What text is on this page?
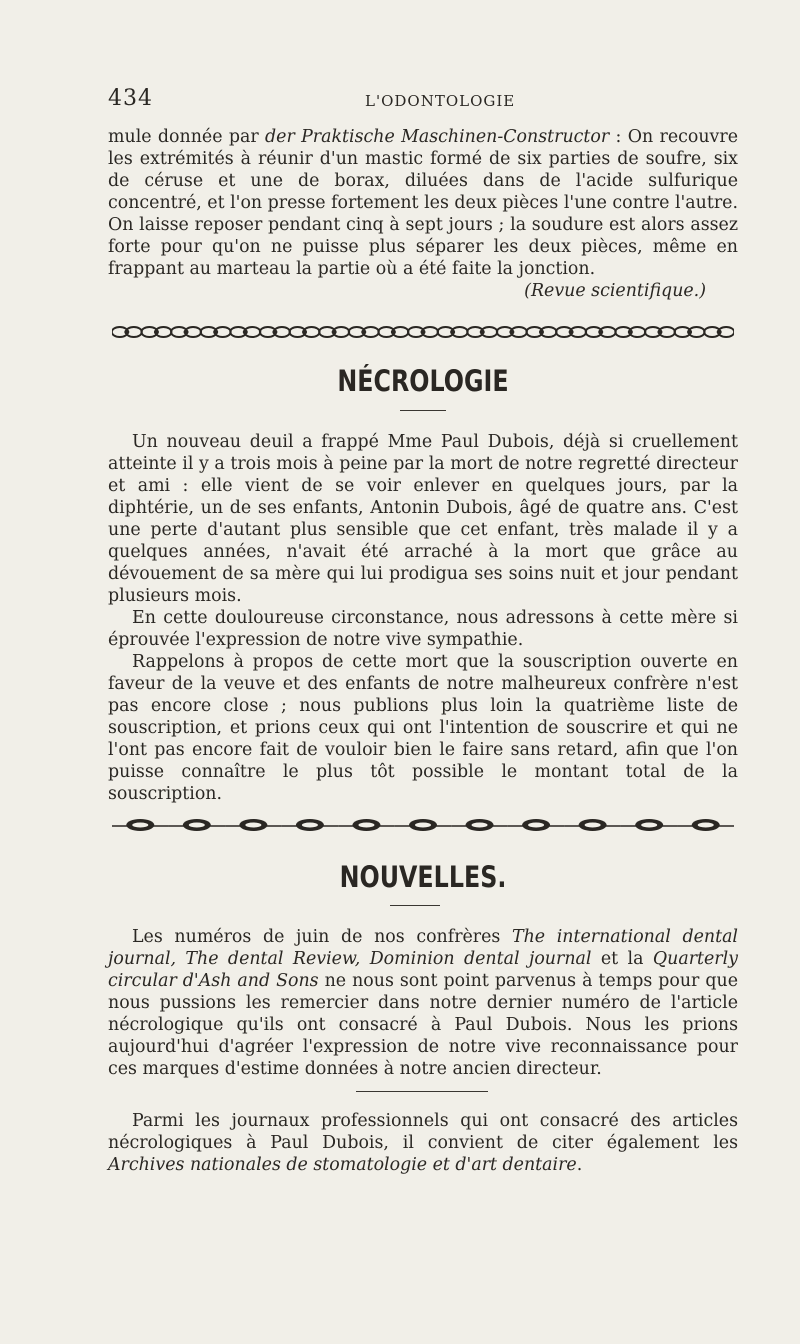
434	L'ODONTOLOGIE

mule donnée par der Praktische Maschinen-Constructor : On recouvre les extrémités à réunir d'un mastic formé de six parties de soufre, six de céruse et une de borax, diluées dans de l'acide sulfurique concentré, et l'on presse fortement les deux pièces l'une contre l'autre. On laisse reposer pendant cinq à sept jours ; la soudure est alors assez forte pour qu'on ne puisse plus séparer les deux pièces, même en frappant au marteau la partie où a été faite la jonction.

(Revue scientifique.)

NÉCROLOGIE

Un nouveau deuil a frappé Mme Paul Dubois, déjà si cruellement atteinte il y a trois mois à peine par la mort de notre regretté directeur et ami : elle vient de se voir enlever en quelques jours, par la diphtérie, un de ses enfants, Antonin Dubois, âgé de quatre ans. C'est une perte d'autant plus sensible que cet enfant, très malade il y a quelques années, n'avait été arraché à la mort que grâce au dévouement de sa mère qui lui prodigua ses soins nuit et jour pendant plusieurs mois.

En cette douloureuse circonstance, nous adressons à cette mère si éprouvée l'expression de notre vive sympathie.

Rappelons à propos de cette mort que la souscription ouverte en faveur de la veuve et des enfants de notre malheureux confrère n'est pas encore close ; nous publions plus loin la quatrième liste de souscription, et prions ceux qui ont l'intention de souscrire et qui ne l'ont pas encore fait de vouloir bien le faire sans retard, afin que l'on puisse connaître le plus tôt possible le montant total de la souscription.

NOUVELLES.

Les numéros de juin de nos confrères The international dental journal, The dental Review, Dominion dental journal et la Quarterly circular d'Ash and Sons ne nous sont point parvenus à temps pour que nous pussions les remercier dans notre dernier numéro de l'article nécrologique qu'ils ont consacré à Paul Dubois. Nous les prions aujourd'hui d'agréer l'expression de notre vive reconnaissance pour ces marques d'estime données à notre ancien directeur.

Parmi les journaux professionnels qui ont consacré des articles nécrologiques à Paul Dubois, il convient de citer également les Archives nationales de stomatologie et d'art dentaire.
